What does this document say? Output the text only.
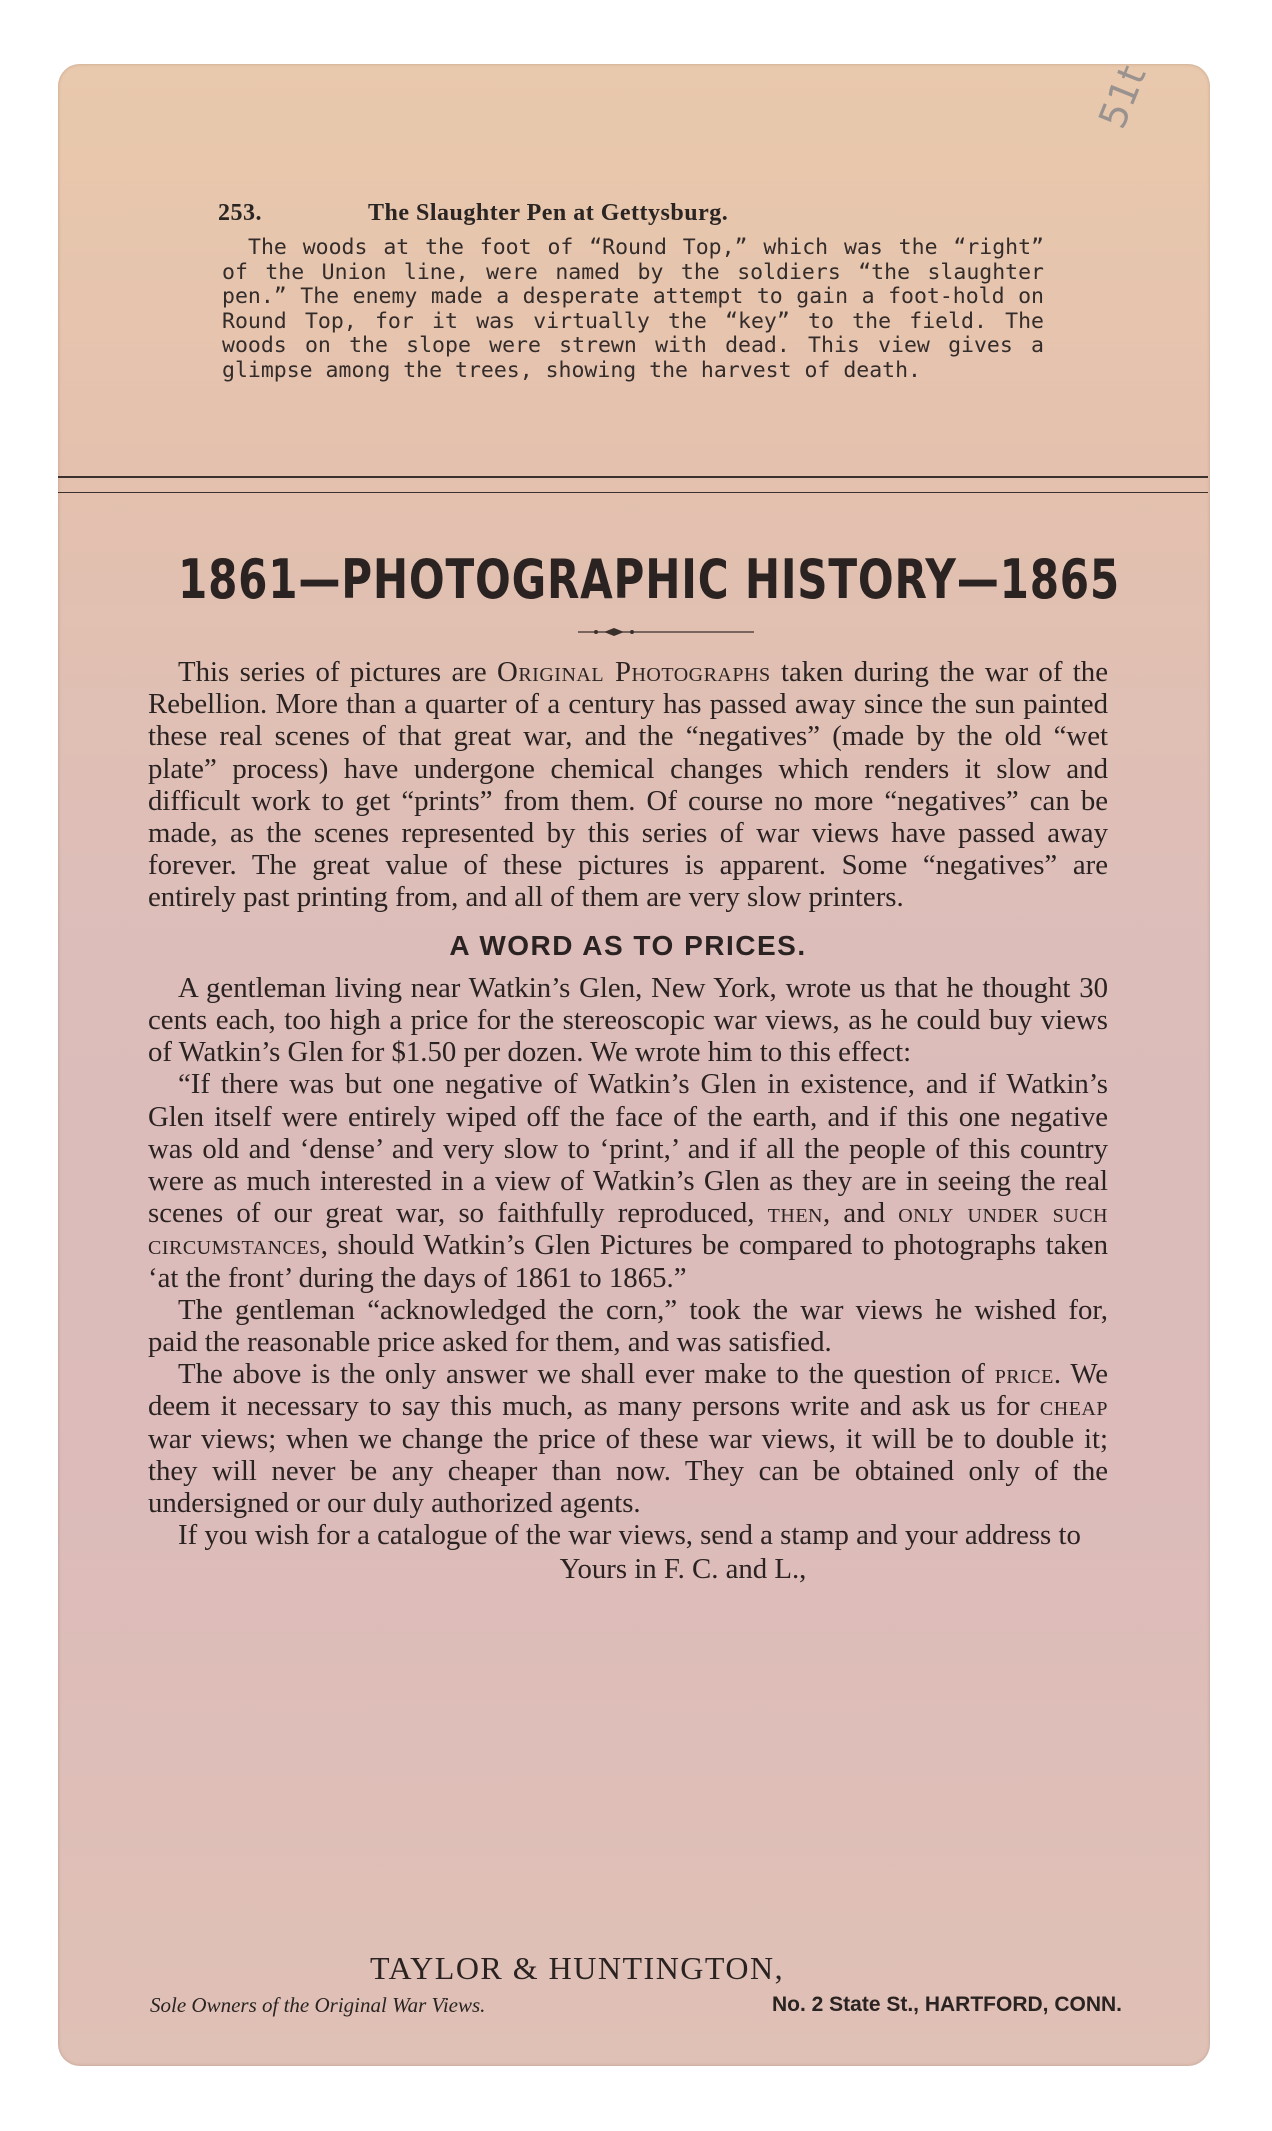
51t
253.	The Slaughter Pen at Gettysburg.

The woods at the foot of “Round Top,” which was the “right” of the Union line, were named by the soldiers “the slaughter pen.” The enemy made a desperate attempt to gain a foot-hold on Round Top, for it was virtually the “key” to the field. The woods on the slope were strewn with dead. This view gives a glimpse among the trees, showing the harvest of death.

1861—PHOTOGRAPHIC HISTORY—1865

This series of pictures are Original Photographs taken during the war of the Rebellion. More than a quarter of a century has passed away since the sun painted these real scenes of that great war, and the “negatives” (made by the old “wet plate” process) have undergone chemical changes which renders it slow and difficult work to get “prints” from them. Of course no more “negatives” can be made, as the scenes represented by this series of war views have passed away forever. The great value of these pictures is apparent. Some “negatives” are entirely past printing from, and all of them are very slow printers.

A WORD AS TO PRICES.

A gentleman living near Watkin’s Glen, New York, wrote us that he thought 30 cents each, too high a price for the stereoscopic war views, as he could buy views of Watkin’s Glen for $1.50 per dozen. We wrote him to this effect:

“If there was but one negative of Watkin’s Glen in existence, and if Watkin’s Glen itself were entirely wiped off the face of the earth, and if this one negative was old and ‘dense’ and very slow to ‘print,’ and if all the people of this country were as much interested in a view of Watkin’s Glen as they are in seeing the real scenes of our great war, so faithfully reproduced, then, and only under such circumstances, should Watkin’s Glen Pictures be compared to photographs taken ‘at the front’ during the days of 1861 to 1865.”

The gentleman “acknowledged the corn,” took the war views he wished for, paid the reasonable price asked for them, and was satisfied.

The above is the only answer we shall ever make to the question of price. We deem it necessary to say this much, as many persons write and ask us for cheap war views; when we change the price of these war views, it will be to double it; they will never be any cheaper than now. They can be obtained only of the undersigned or our duly authorized agents.

If you wish for a catalogue of the war views, send a stamp and your address to

Yours in F. C. and L.,
TAYLOR & HUNTINGTON,
Sole Owners of the Original War Views.	No. 2 State St., HARTFORD, CONN.
